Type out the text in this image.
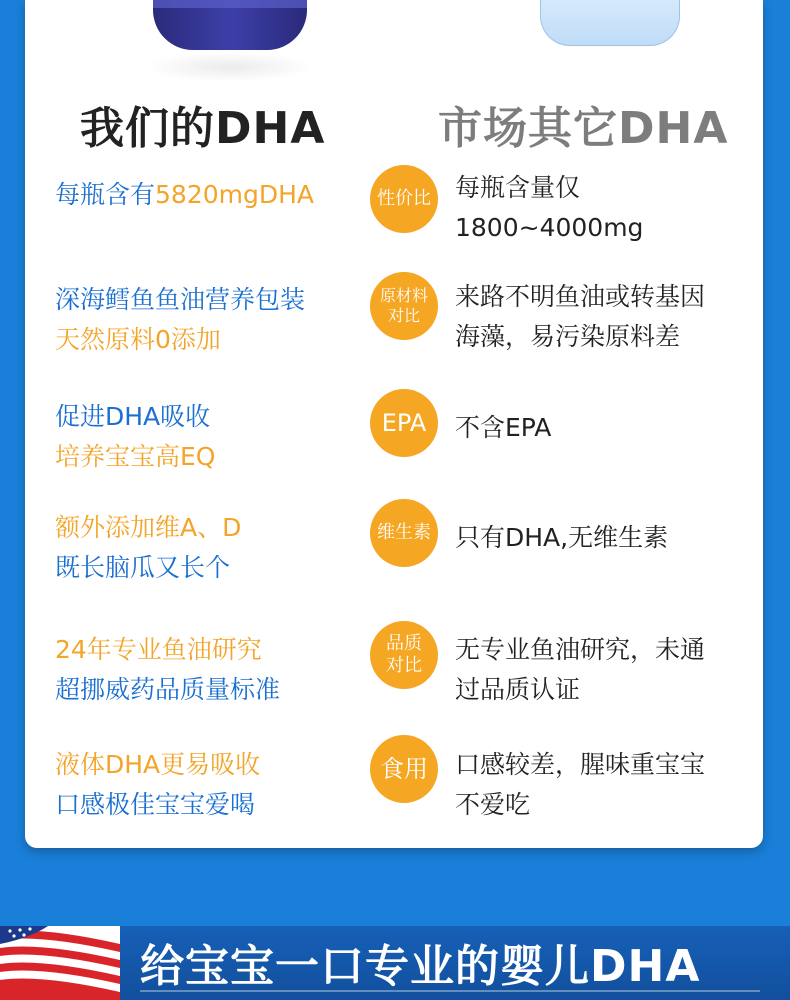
我们的DHA	市场其它DHA
每瓶含有5820mgDHA	性价比 每瓶含量仅
1800~4000mg
深海鳕鱼鱼油营养包装
天然原料0添加
原材料
对比
来路不明鱼油或转基因
海藻，易污染原料差
促进DHA吸收
培养宝宝高EQ
EPA 不含EPA
额外添加维A、D
既长脑瓜又长个
维生素 只有DHA,无维生素
24年专业鱼油研究
超挪威药品质量标准
品质
对比
无专业鱼油研究，未通
过品质认证
液体DHA更易吸收
口感极佳宝宝爱喝
食用 口感较差，腥味重宝宝
不爱吃
给宝宝一口专业的婴儿DHA
